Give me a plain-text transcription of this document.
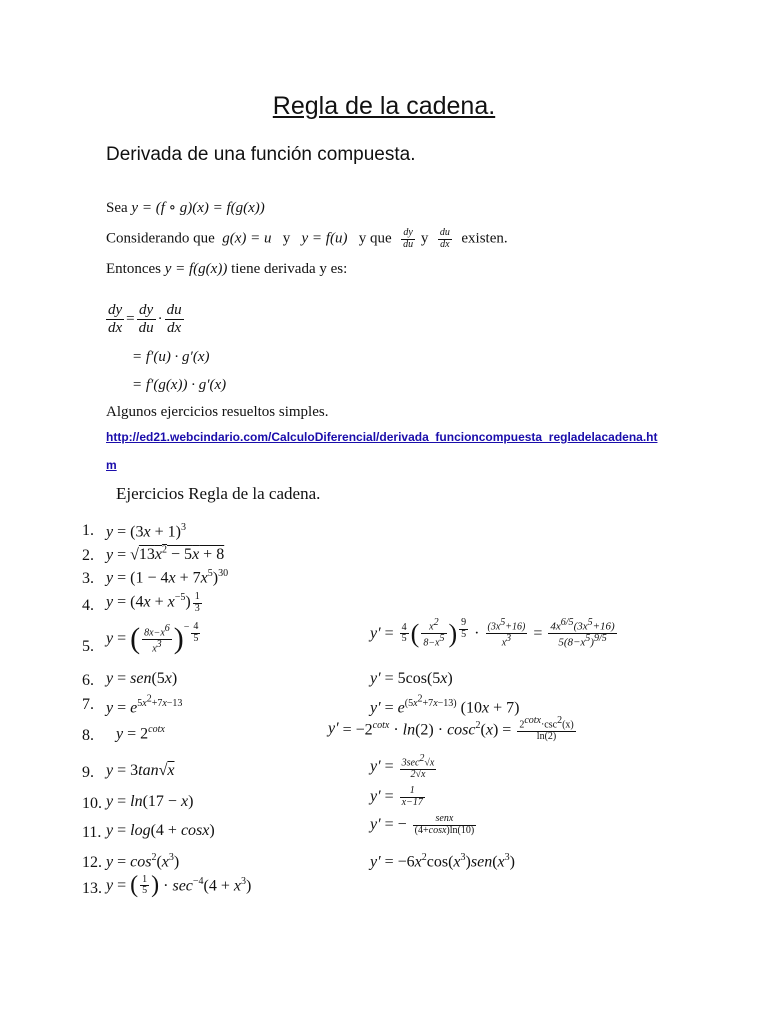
Regla de la cadena.
Derivada de una función compuesta.
Sea y = (f ∘ g)(x) = f(g(x))
Considerando que g(x) = u y y = f(u) y que $\frac{dy}{du}$ y $\frac{du}{dx}$ existen.
Entonces y = f(g(x)) tiene derivada y es:
$\frac{dy}{dx} = \frac{dy}{du} \cdot \frac{du}{dx}$
= f′(u) · g′(x)
= f′(g(x)) · g′(x)
Algunos ejercicios resueltos simples.
http://ed21.webcindario.com/CalculoDiferencial/derivada_funcioncompuesta_regladelacadena.ht
m
Ejercicios Regla de la cadena.
1. $y = (3x + 1)^3$
2. $y = √13x^2 - 5x + 8$
3. $y = (1 - 4x + 7x^5)^{30}$
4. $y = (4x + x^{-5}) \frac{1}{3}$
5. y = ( $\frac{8x-x^6}{x^3} )^- \frac{4}{5}$	$y' = \frac{4}{5}$ ( $\frac{x^2}{8-x^5}$ ) $\frac{9}{5} \cdot \frac{(3x^5+16)}{x^3} = \frac{4x^{6/5}(3x^5+16)}{5(8-x^5)^{9/5}}$
6. y = sen(5x)	y′ = 5cos(5x)
7. $y = e^{5x^2+7x-13}$	$y' = e^{(5x^2+7x-13)}$ (10x + 7)
8.	$y = 2^{cotx}$	$y' = -2^{cotx} \cdot \ln(2) \cdot \cos c^2(x) = \frac{2^{cotx}\cdot\csc^2(x)}{\ln(2)}$
9. y = 3tan√x	$y' = \frac{3\sec^2√x}{2√x}$
10. y = ln(17 − x)	$y' = \frac{1}{x-17}$
11. y = log(4 + cosx)	y′ = − $\frac{\text{senx}}{(4+\cos x)\ln(10)}$
12. $y = \cos^2(x^3)$	$y' = -6x^2\cos(x^3)sen(x^3)$
13. y = ( $\frac{1}{5}$ ) · $\sec^{-4}(4 + x^3)$
